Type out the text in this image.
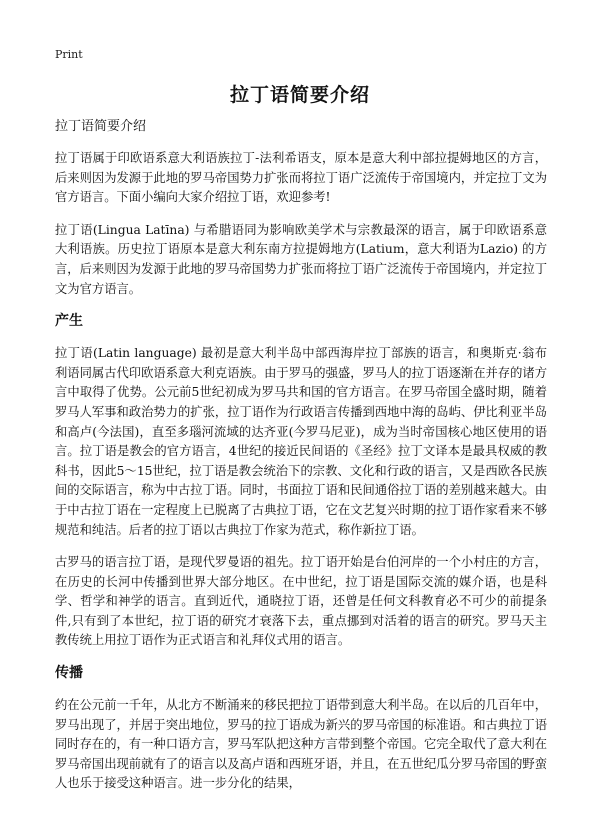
Print
拉丁语简要介绍
拉丁语简要介绍

拉丁语属于印欧语系意大利语族拉丁-法利希语支，原本是意大利中部拉提姆地区的方言，后来则因为发源于此地的罗马帝国势力扩张而将拉丁语广泛流传于帝国境内，并定拉丁文为官方语言。下面小编向大家介绍拉丁语，欢迎参考!

拉丁语(Lingua Latīna) 与希腊语同为影响欧美学术与宗教最深的语言，属于印欧语系意大利语族。历史拉丁语原本是意大利东南方拉提姆地方(Latium，意大利语为Lazio) 的方言，后来则因为发源于此地的罗马帝国势力扩张而将拉丁语广泛流传于帝国境内，并定拉丁文为官方语言。

产生

拉丁语(Latin language) 最初是意大利半岛中部西海岸拉丁部族的语言，和奥斯克·翁布利语同属古代印欧语系意大利克语族。由于罗马的强盛，罗马人的拉丁语逐渐在并存的诸方言中取得了优势。公元前5世纪初成为罗马共和国的官方语言。在罗马帝国全盛时期，随着罗马人军事和政治势力的扩张，拉丁语作为行政语言传播到西地中海的岛屿、伊比利亚半岛和高卢(今法国)，直至多瑙河流域的达齐亚(今罗马尼亚)，成为当时帝国核心地区使用的语言。拉丁语是教会的官方语言，4世纪的接近民间语的《圣经》拉丁文译本是最具权威的教科书，因此5～15世纪，拉丁语是教会统治下的宗教、文化和行政的语言，又是西欧各民族间的交际语言，称为中古拉丁语。同时，书面拉丁语和民间通俗拉丁语的差别越来越大。由于中古拉丁语在一定程度上已脱离了古典拉丁语，它在文艺复兴时期的拉丁语作家看来不够规范和纯洁。后者的拉丁语以古典拉丁作家为范式，称作新拉丁语。

古罗马的语言拉丁语，是现代罗曼语的祖先。拉丁语开始是台伯河岸的一个小村庄的方言，在历史的长河中传播到世界大部分地区。在中世纪，拉丁语是国际交流的媒介语，也是科学、哲学和神学的语言。直到近代，通晓拉丁语，还曾是任何文科教育必不可少的前提条件,只有到了本世纪，拉丁语的研究才衰落下去，重点挪到对活着的语言的研究。罗马天主教传统上用拉丁语作为正式语言和礼拜仪式用的语言。

传播

约在公元前一千年，从北方不断涌来的移民把拉丁语带到意大利半岛。在以后的几百年中，罗马出现了，并居于突出地位，罗马的拉丁语成为新兴的罗马帝国的标准语。和古典拉丁语同时存在的，有一种口语方言，罗马军队把这种方言带到整个帝国。它完全取代了意大利在罗马帝国出现前就有了的语言以及高卢语和西班牙语，并且，在五世纪瓜分罗马帝国的野蛮人也乐于接受这种语言。进一步分化的结果，
